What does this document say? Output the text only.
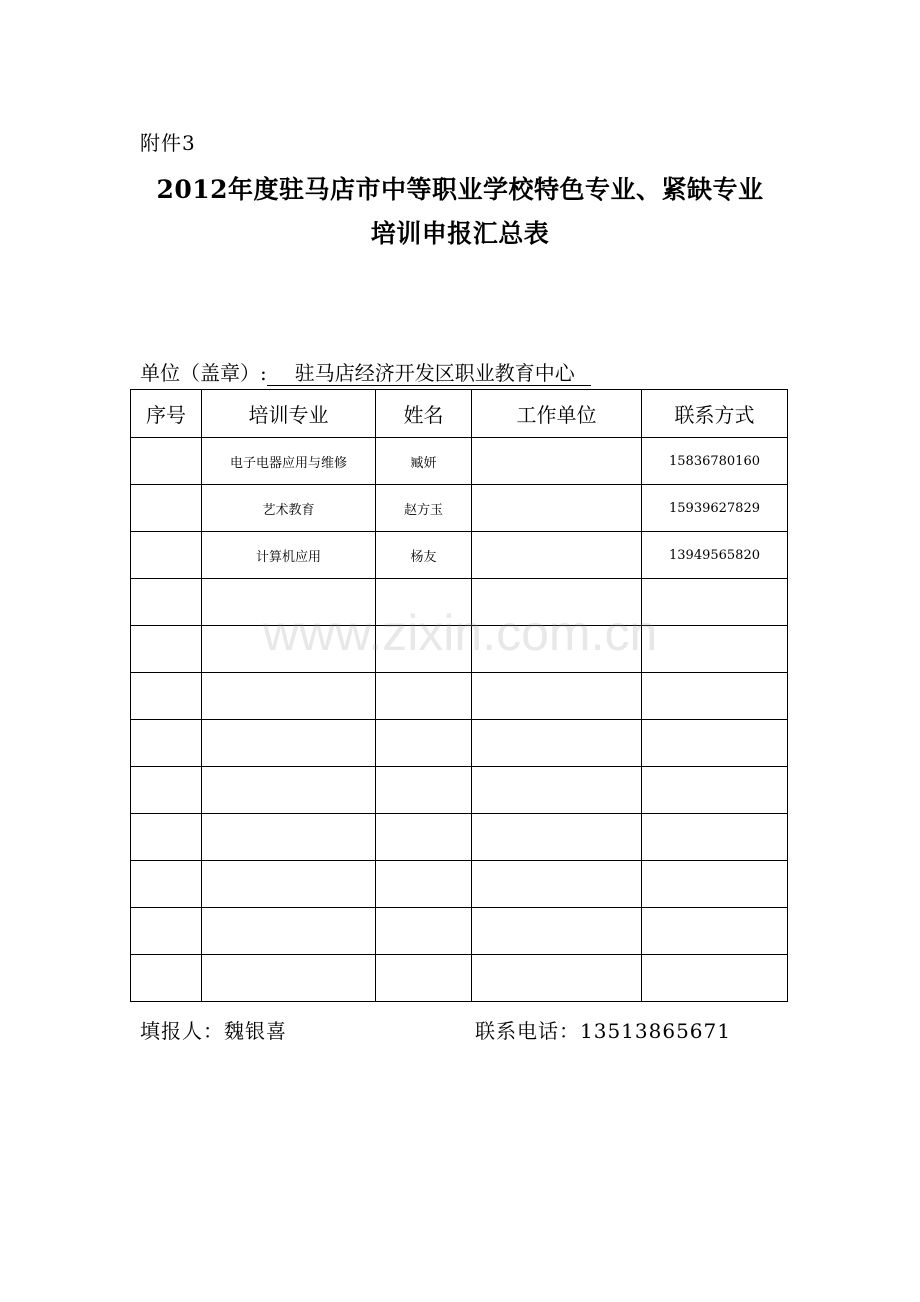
附件3
2012年度驻马店市中等职业学校特色专业、紧缺专业
培训申报汇总表
单位（盖章）: 驻马店经济开发区职业教育中心
序号	培训专业	姓名	工作单位	联系方式
	电子电器应用与维修	臧妍		15836780160
	艺术教育	赵方玉		15939627829
	计算机应用	杨友		13949565820

填报人：魏银喜	联系电话：13513865671
www.zixin.com.cn
